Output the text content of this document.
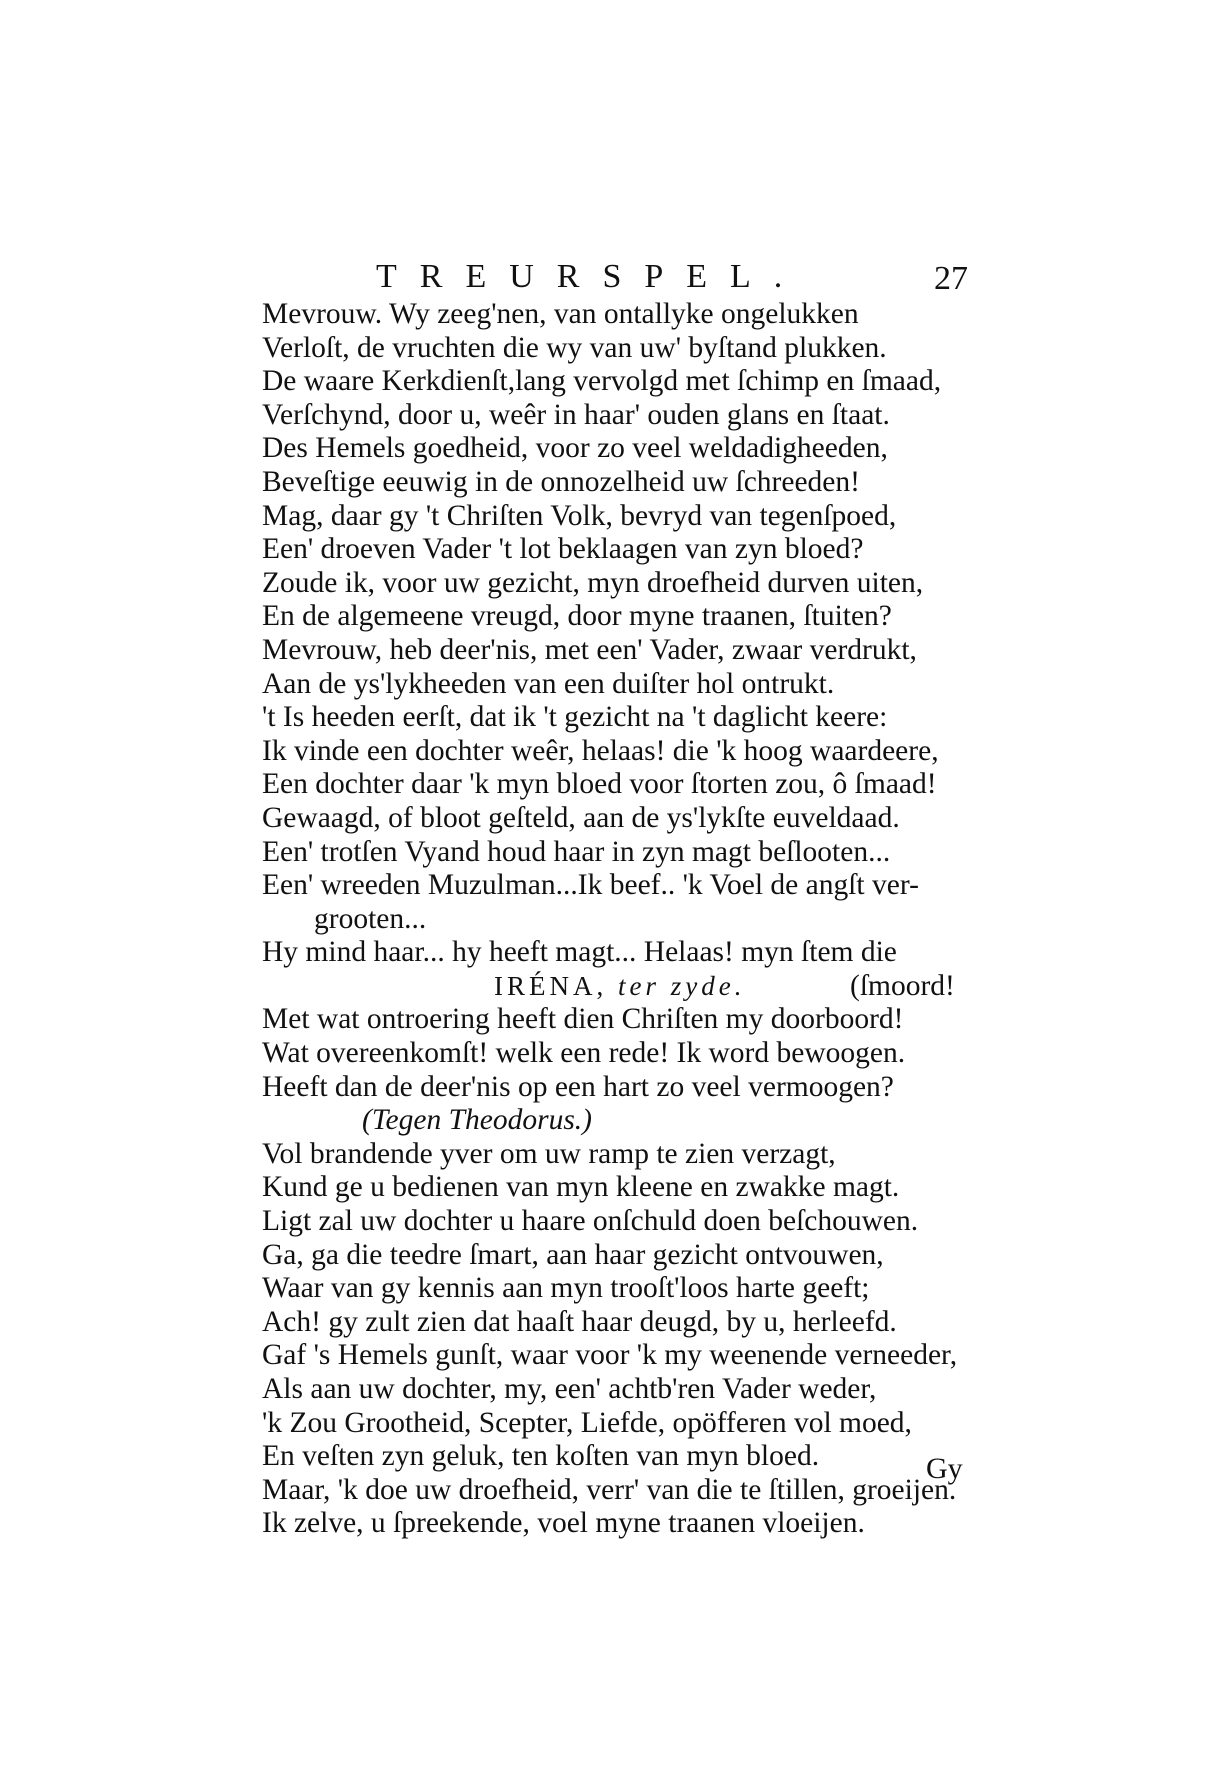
TREURSPEL.	27
Mevrouw. Wy zeeg'nen, van ontallyke ongelukken
Verloſt, de vruchten die wy van uw' byſtand plukken.
De waare Kerkdienſt,lang vervolgd met ſchimp en ſmaad,
Verſchynd, door u, weêr in haar' ouden glans en ſtaat.
Des Hemels goedheid, voor zo veel weldadigheeden,
Beveſtige eeuwig in de onnozelheid uw ſchreeden!
Mag, daar gy 't Chriſten Volk, bevryd van tegenſpoed,
Een' droeven Vader 't lot beklaagen van zyn bloed?
Zoude ik, voor uw gezicht, myn droefheid durven uiten,
En de algemeene vreugd, door myne traanen, ſtuiten?
Mevrouw, heb deer'nis, met een' Vader, zwaar verdrukt,
Aan de ys'lykheeden van een duiſter hol ontrukt.
't Is heeden eerſt, dat ik 't gezicht na 't daglicht keere:
Ik vinde een dochter weêr, helaas! die 'k hoog waardeere,
Een dochter daar 'k myn bloed voor ſtorten zou, ô ſmaad!
Gewaagd, of bloot geſteld, aan de ys'lykſte euveldaad.
Een' trotſen Vyand houd haar in zyn magt beſlooten...
Een' wreeden Muzulman...Ik beef.. 'k Voel de angſt ver-
grooten...
Hy mind haar... hy heeft magt... Helaas! myn ſtem die
IRÉNA, ter zyde.	(ſmoord!
Met wat ontroering heeft dien Chriſten my doorboord!
Wat overeenkomſt! welk een rede! Ik word bewoogen.
Heeft dan de deer'nis op een hart zo veel vermoogen?
(Tegen Theodorus.)
Vol brandende yver om uw ramp te zien verzagt,
Kund ge u bedienen van myn kleene en zwakke magt.
Ligt zal uw dochter u haare onſchuld doen beſchouwen.
Ga, ga die teedre ſmart, aan haar gezicht ontvouwen,
Waar van gy kennis aan myn trooſt'loos harte geeft;
Ach! gy zult zien dat haaſt haar deugd, by u, herleefd.
Gaf 's Hemels gunſt, waar voor 'k my weenende verneeder,
Als aan uw dochter, my, een' achtb'ren Vader weder,
'k Zou Grootheid, Scepter, Liefde, opöfferen vol moed,
En veſten zyn geluk, ten koſten van myn bloed.
Maar, 'k doe uw droefheid, verr' van die te ſtillen, groeijen.
Ik zelve, u ſpreekende, voel myne traanen vloeijen.
Gy
